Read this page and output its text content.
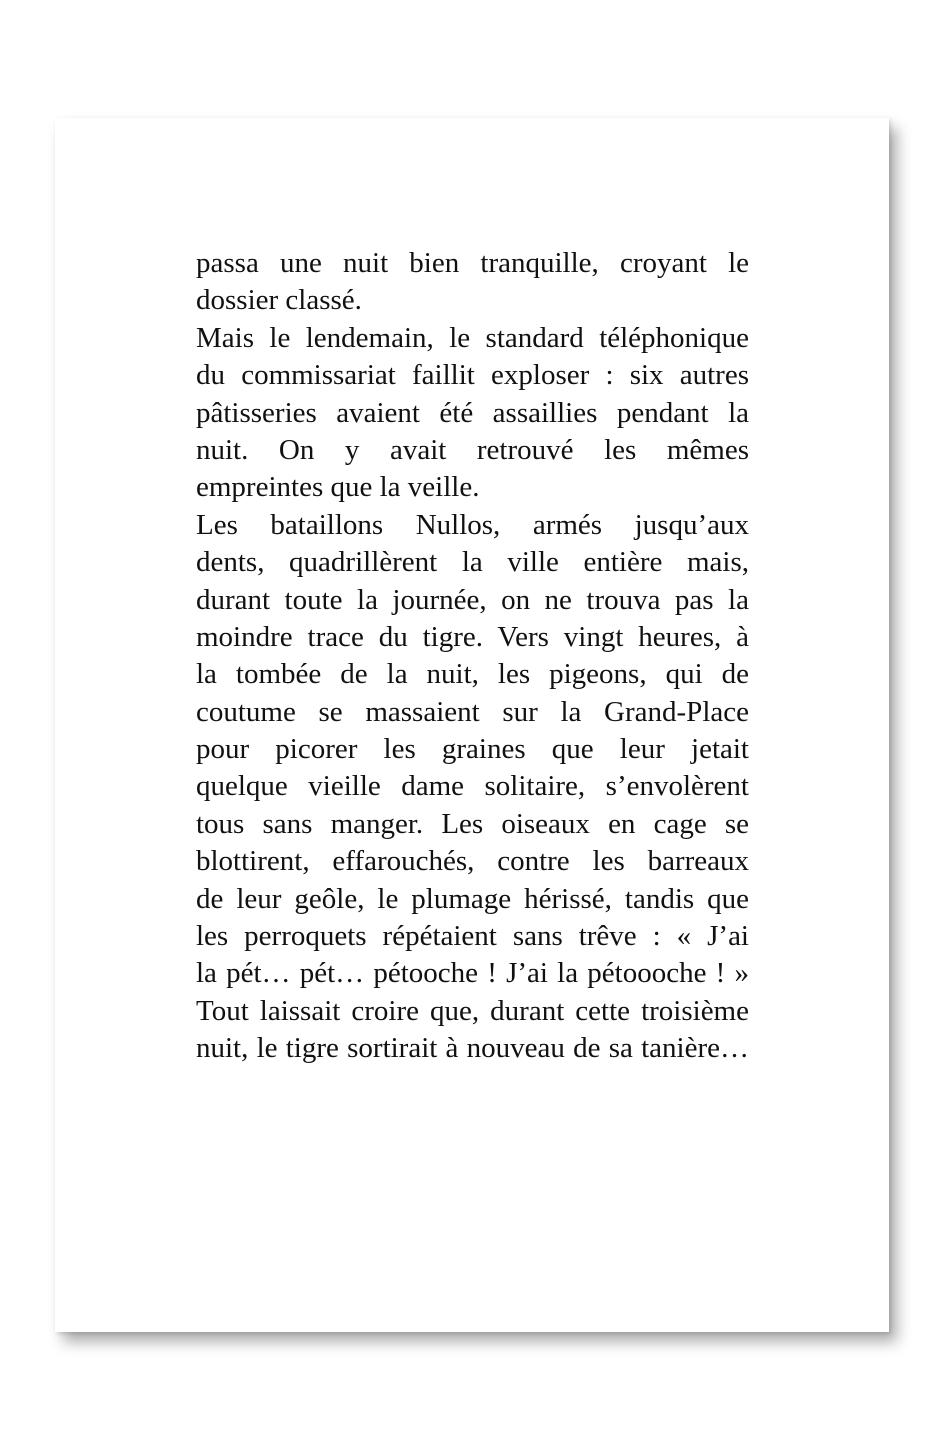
passa une nuit bien tranquille, croyant le
dossier classé.
Mais le lendemain, le standard téléphonique
du commissariat faillit exploser : six autres
pâtisseries avaient été assaillies pendant la
nuit. On y avait retrouvé les mêmes
empreintes que la veille.
Les bataillons Nullos, armés jusqu’aux
dents, quadrillèrent la ville entière mais,
durant toute la journée, on ne trouva pas la
moindre trace du tigre. Vers vingt heures, à
la tombée de la nuit, les pigeons, qui de
coutume se massaient sur la Grand-Place
pour picorer les graines que leur jetait
quelque vieille dame solitaire, s’envolèrent
tous sans manger. Les oiseaux en cage se
blottirent, effarouchés, contre les barreaux
de leur geôle, le plumage hérissé, tandis que
les perroquets répétaient sans trêve : « J’ai
la pét… pét… pétooche ! J’ai la pétoooche ! »
Tout laissait croire que, durant cette troisième
nuit, le tigre sortirait à nouveau de sa tanière…
